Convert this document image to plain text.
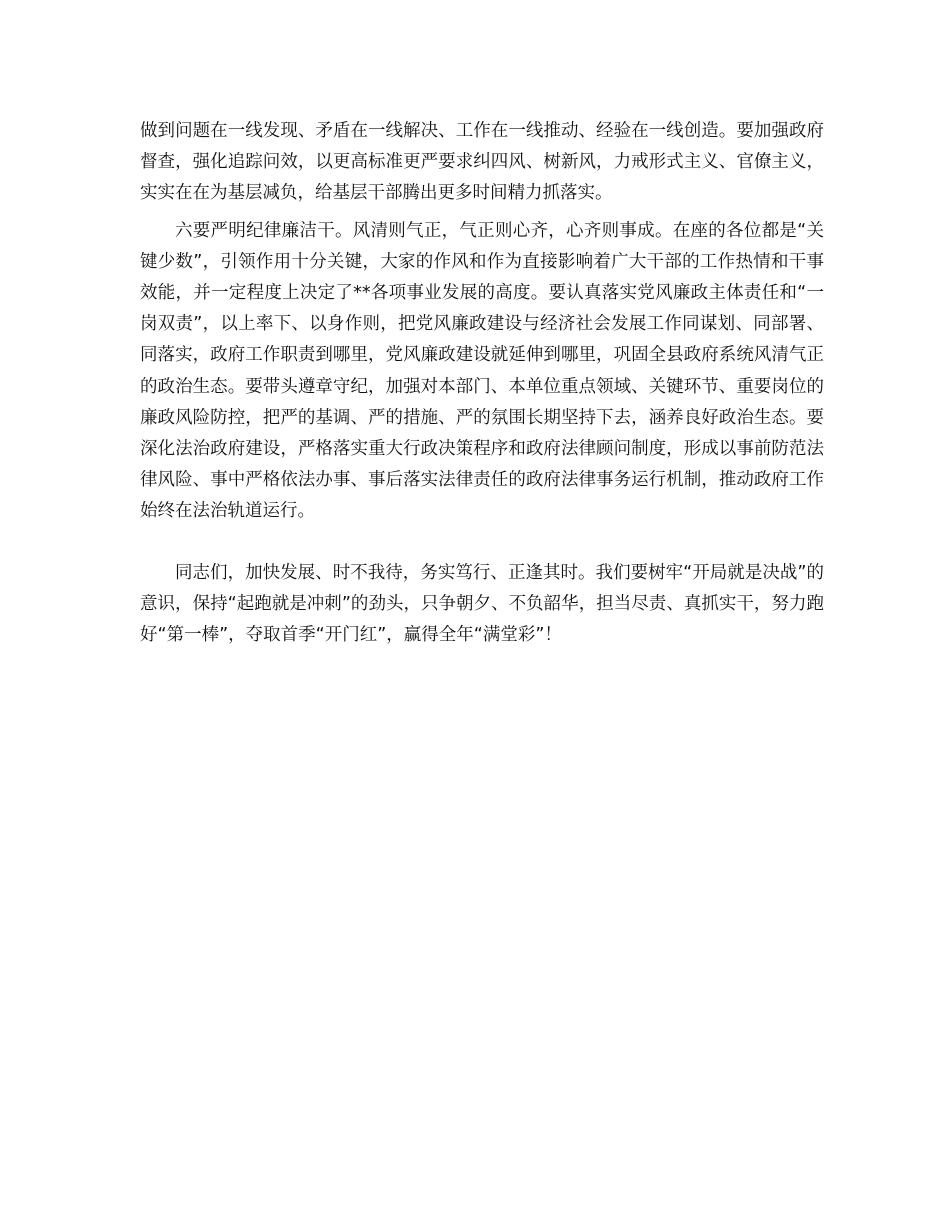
做到问题在一线发现、矛盾在一线解决、工作在一线推动、经验在一线创造。要加强政府督查，强化追踪问效，以更高标准更严要求纠四风、树新风，力戒形式主义、官僚主义，实实在在为基层减负，给基层干部腾出更多时间精力抓落实。

六要严明纪律廉洁干。风清则气正，气正则心齐，心齐则事成。在座的各位都是“关键少数”，引领作用十分关键，大家的作风和作为直接影响着广大干部的工作热情和干事效能，并一定程度上决定了**各项事业发展的高度。要认真落实党风廉政主体责任和“一岗双责”，以上率下、以身作则，把党风廉政建设与经济社会发展工作同谋划、同部署、同落实，政府工作职责到哪里，党风廉政建设就延伸到哪里，巩固全县政府系统风清气正的政治生态。要带头遵章守纪，加强对本部门、本单位重点领域、关键环节、重要岗位的廉政风险防控，把严的基调、严的措施、严的氛围长期坚持下去，涵养良好政治生态。要深化法治政府建设，严格落实重大行政决策程序和政府法律顾问制度，形成以事前防范法律风险、事中严格依法办事、事后落实法律责任的政府法律事务运行机制，推动政府工作始终在法治轨道运行。

同志们，加快发展、时不我待，务实笃行、正逢其时。我们要树牢“开局就是决战”的意识，保持“起跑就是冲刺”的劲头，只争朝夕、不负韶华，担当尽责、真抓实干，努力跑好“第一棒”，夺取首季“开门红”，赢得全年“满堂彩”！
